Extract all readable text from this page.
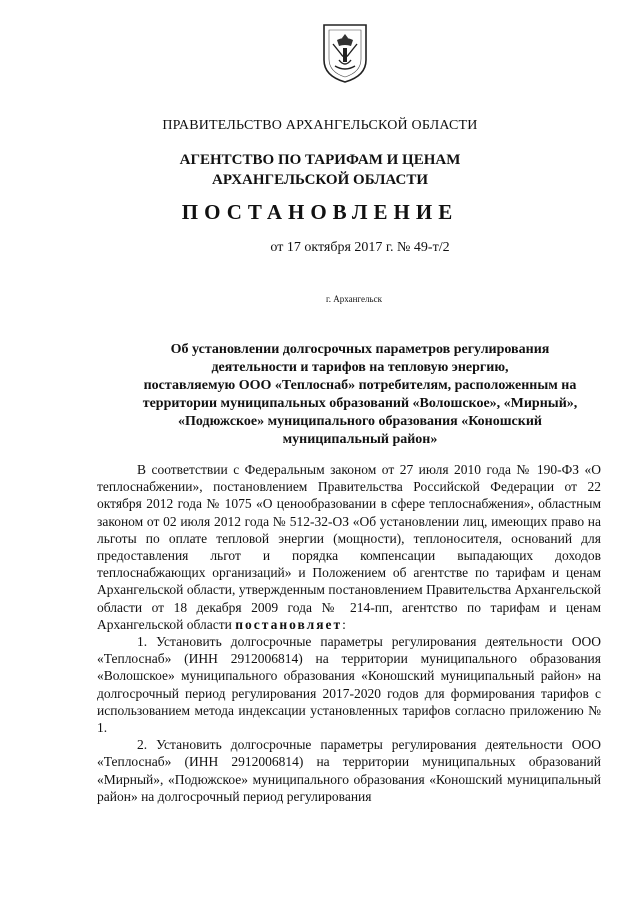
ПРАВИТЕЛЬСТВО АРХАНГЕЛЬСКОЙ ОБЛАСТИ
АГЕНТСТВО ПО ТАРИФАМ И ЦЕНАМ
АРХАНГЕЛЬСКОЙ ОБЛАСТИ
ПОСТАНОВЛЕНИЕ
от 17 октября 2017 г. № 49-т/2
г. Архангельск
Об установлении долгосрочных параметров регулирования
деятельности и тарифов на тепловую энергию,
поставляемую ООО «Теплоснаб» потребителям, расположенным на
территории муниципальных образований «Волошское», «Мирный»,
«Подюжское» муниципального образования «Коношский
муниципальный район»

В соответствии с Федеральным законом от 27 июля 2010 года № 190-ФЗ «О теплоснабжении», постановлением Правительства Российской Федерации от 22 октября 2012 года № 1075 «О ценообразовании в сфере теплоснабжения», областным законом от 02 июля 2012 года № 512-32-ОЗ «Об установлении лиц, имеющих право на льготы по оплате тепловой энергии (мощности), теплоносителя, оснований для предоставления льгот и порядка компенсации выпадающих доходов теплоснабжающих организаций» и Положением об агентстве по тарифам и ценам Архангельской области, утвержденным постановлением Правительства Архангельской области от 18 декабря 2009 года № 214-пп, агентство по тарифам и ценам Архангельской области постановляет:

1. Установить долгосрочные параметры регулирования деятельности ООО «Теплоснаб» (ИНН 2912006814) на территории муниципального образования «Волошское» муниципального образования «Коношский муниципальный район» на долгосрочный период регулирования 2017-2020 годов для формирования тарифов с использованием метода индексации установленных тарифов согласно приложению № 1.

2. Установить долгосрочные параметры регулирования деятельности ООО «Теплоснаб» (ИНН 2912006814) на территории муниципальных образований «Мирный», «Подюжское» муниципального образования «Коношский муниципальный район» на долгосрочный период регулирования
